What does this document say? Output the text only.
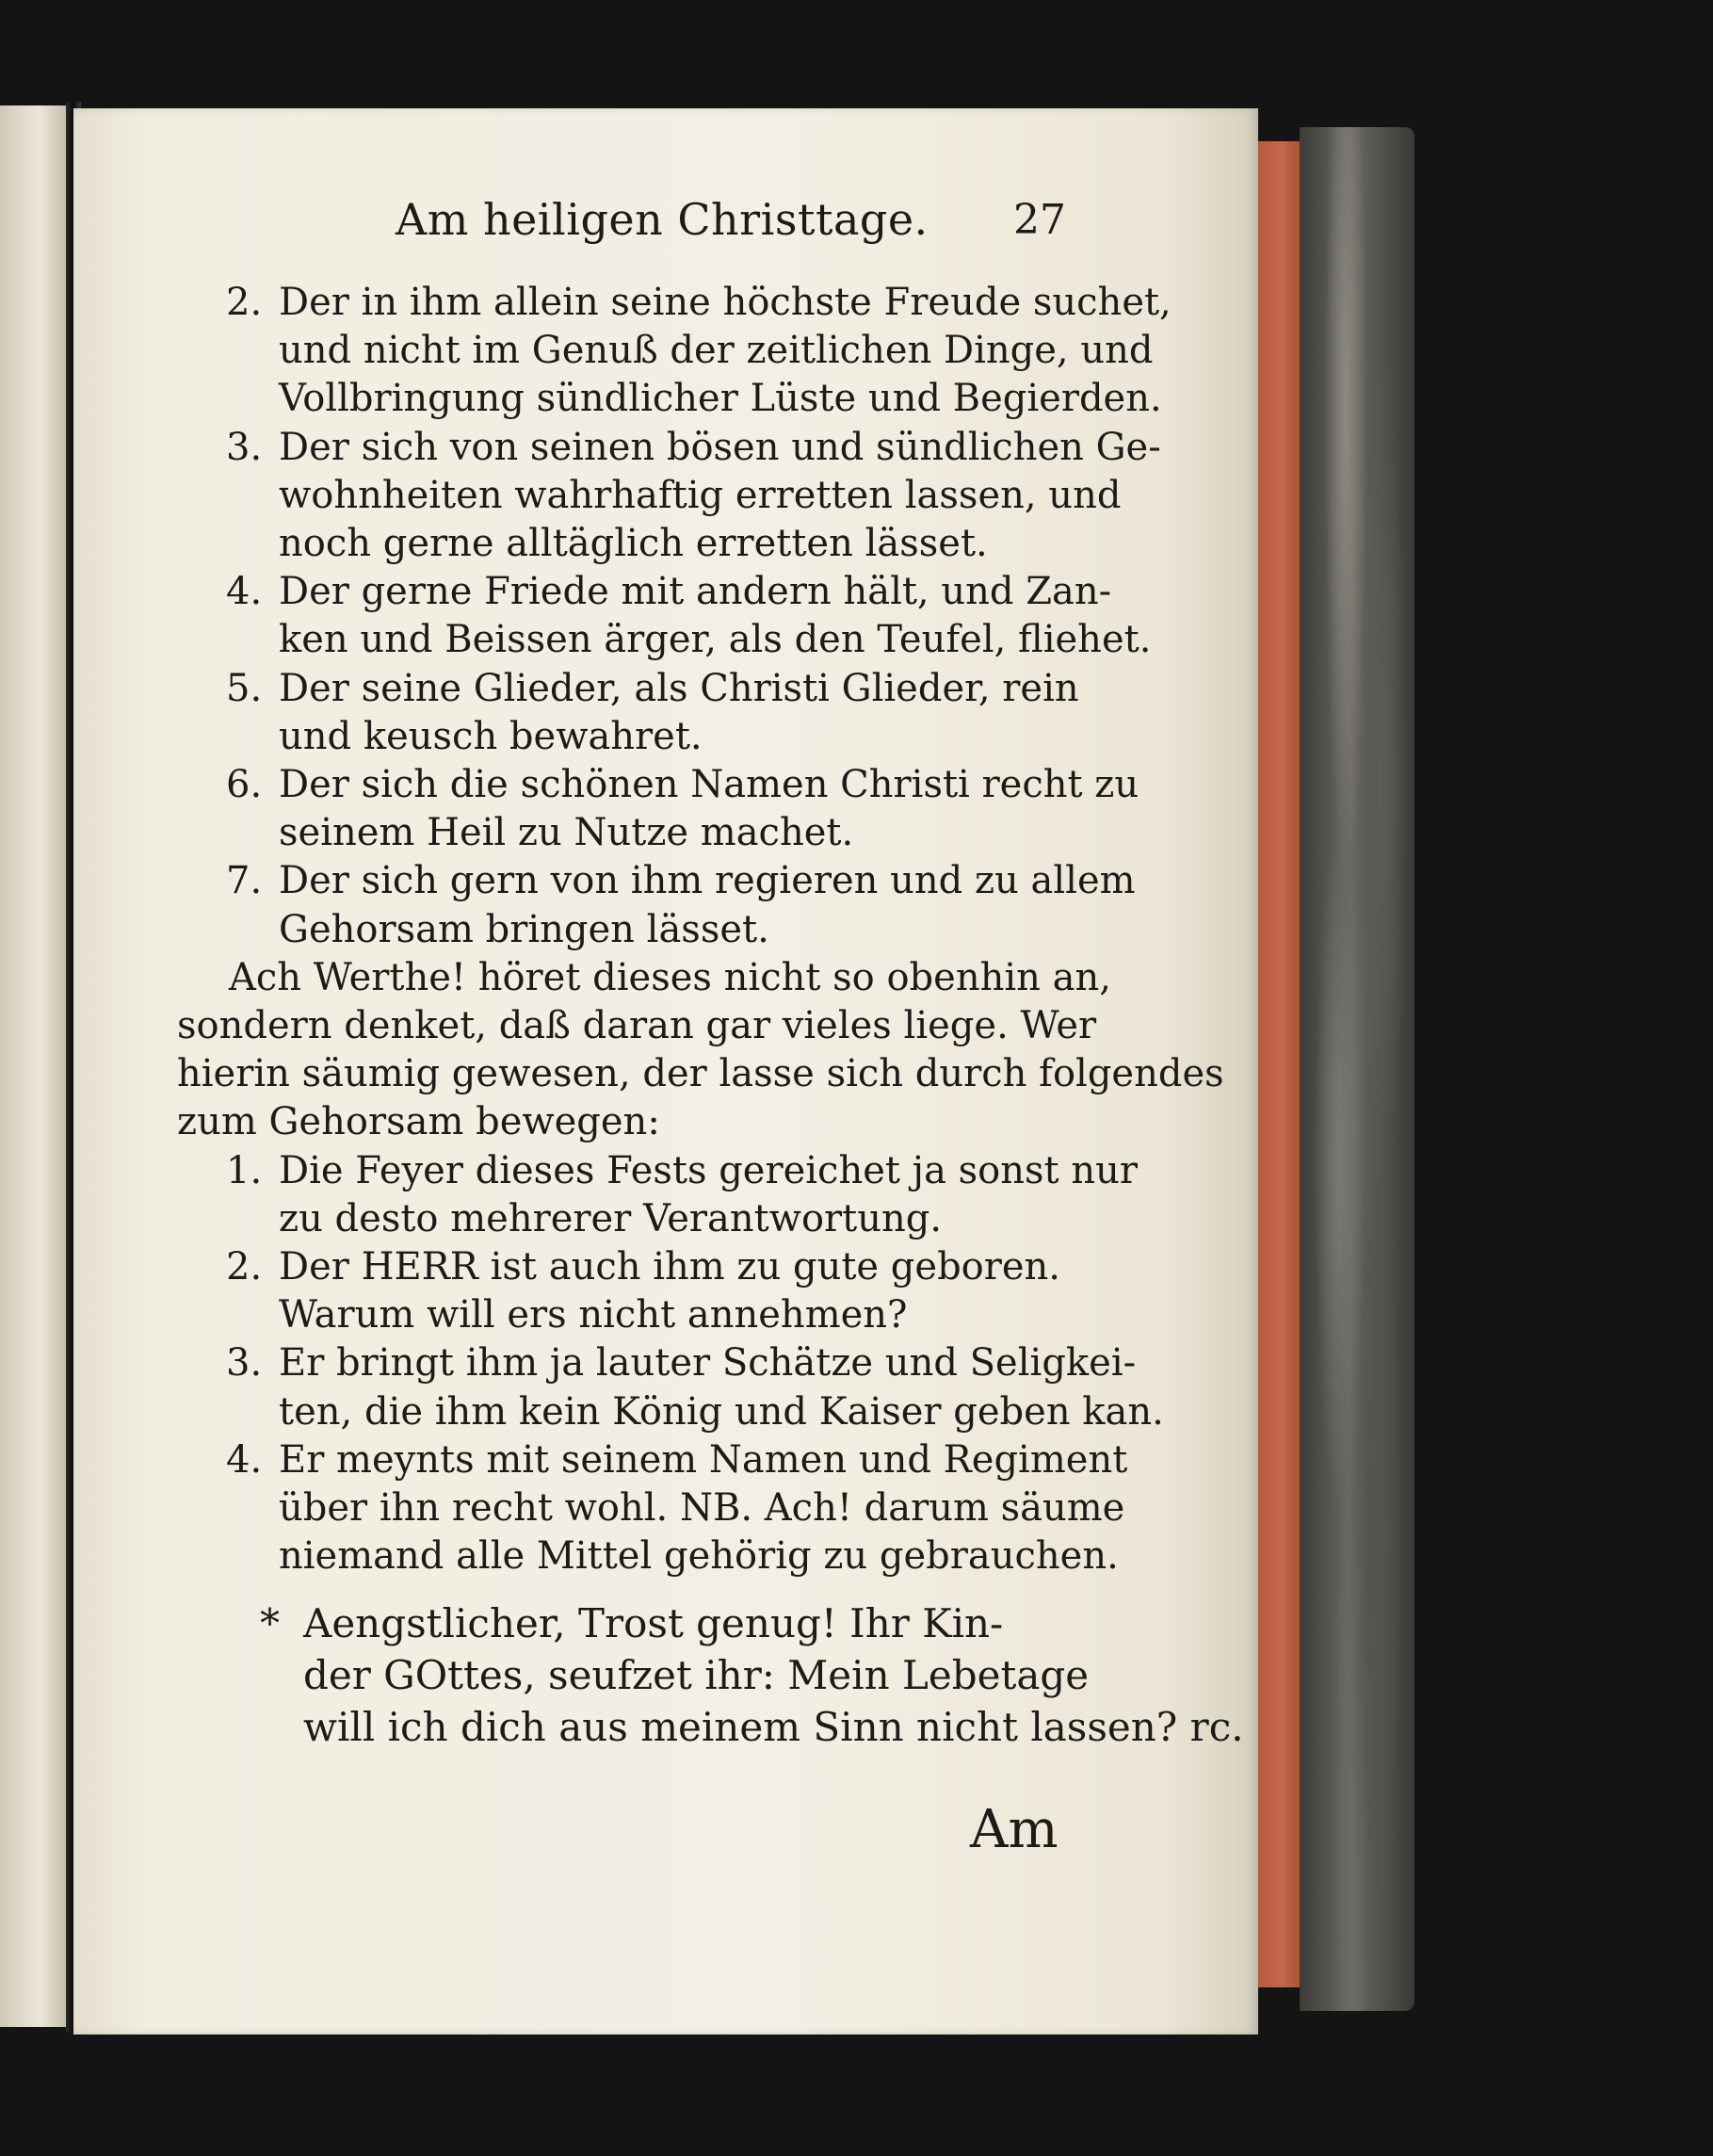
Am heiligen Christtage. 27
2. Der in ihm allein seine höchste Freude suchet,
und nicht im Genuß der zeitlichen Dinge, und
Vollbringung sündlicher Lüste und Begierden.
3. Der sich von seinen bösen und sündlichen Ge-
wohnheiten wahrhaftig erretten lassen, und
noch gerne alltäglich erretten lässet.
4. Der gerne Friede mit andern hält, und Zan-
ken und Beissen ärger, als den Teufel, fliehet.
5. Der seine Glieder, als Christi Glieder, rein
und keusch bewahret.
6. Der sich die schönen Namen Christi recht zu
seinem Heil zu Nutze machet.
7. Der sich gern von ihm regieren und zu allem
Gehorsam bringen lässet.
Ach Werthe! höret dieses nicht so obenhin an,
sondern denket, daß daran gar vieles liege. Wer
hierin säumig gewesen, der lasse sich durch folgendes
zum Gehorsam bewegen:
1. Die Feyer dieses Fests gereichet ja sonst nur
zu desto mehrerer Verantwortung.
2. Der HERR ist auch ihm zu gute geboren.
Warum will ers nicht annehmen?
3. Er bringt ihm ja lauter Schätze und Seligkei-
ten, die ihm kein König und Kaiser geben kan.
4. Er meynts mit seinem Namen und Regiment
über ihn recht wohl. NB. Ach! darum säume
niemand alle Mittel gehörig zu gebrauchen.
* Aengstlicher, Trost genug! Ihr Kin-
der GOttes, seufzet ihr: Mein Lebetage
will ich dich aus meinem Sinn nicht lassen? rc.
Am
